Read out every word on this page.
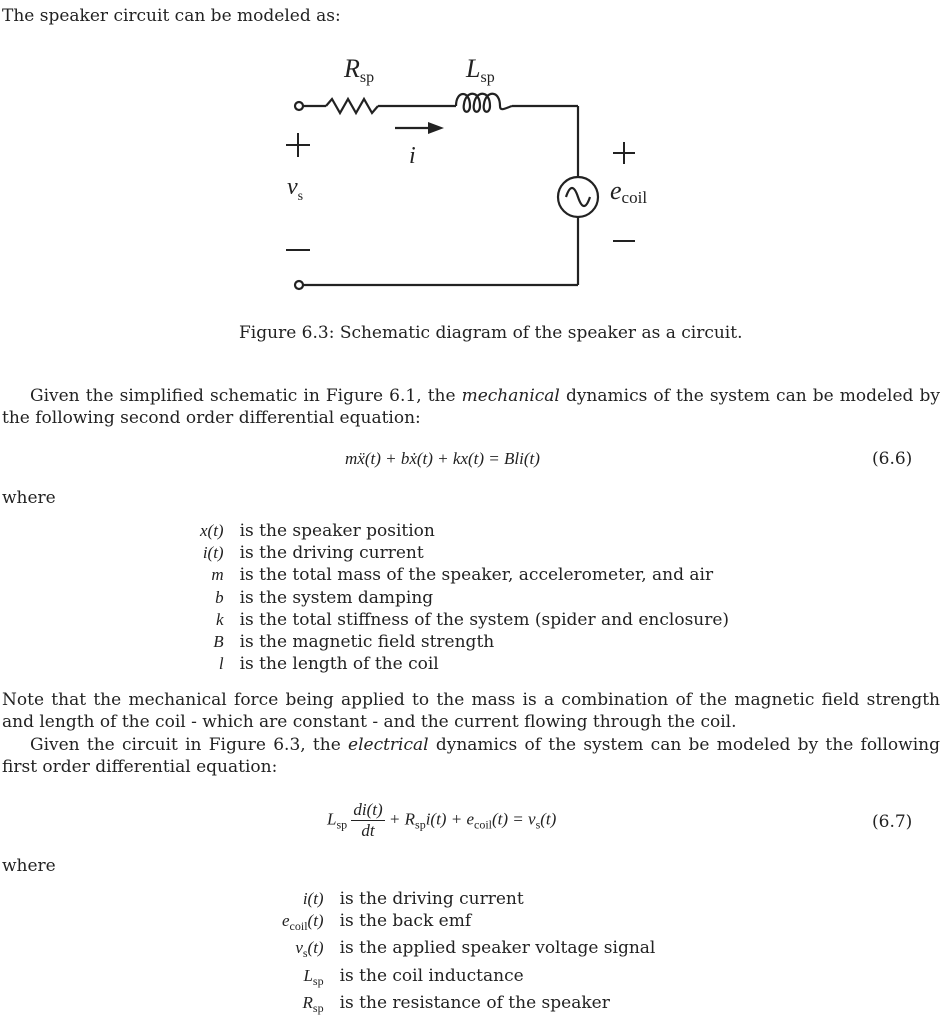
The speaker circuit can be modeled as:
Rsp	Lsp
i
$v_s$	ecoil
Figure 6.3: Schematic diagram of the speaker as a circuit.
Given the simplified schematic in Figure 6.1, the mechanical dynamics of the system can be modeled by the following second order differential equation:
mẍ(t) + bẋ(t) + kx(t) = Bli(t)	(6.6)
where
x(t)	is the speaker position
i(t)	is the driving current
m	is the total mass of the speaker, accelerometer, and air
b	is the system damping
k	is the total stiffness of the system (spider and enclosure)
B	is the magnetic field strength
l	is the length of the coil
Note that the mechanical force being applied to the mass is a combination of the magnetic field strength and length of the coil - which are constant - and the current flowing through the coil.
Given the circuit in Figure 6.3, the electrical dynamics of the system can be modeled by the following first order differential equation:
$L_{sp} \frac{di(t)}{dt} + R_{sp}i(t) + e_{coil}(t) = v_s(t)$	(6.7)
where
i(t)	is the driving current
$e_{coil}(t)$	is the back emf
$v_s(t)$	is the applied speaker voltage signal
$L_{sp}$	is the coil inductance
$R_{sp}$	is the resistance of the speaker
